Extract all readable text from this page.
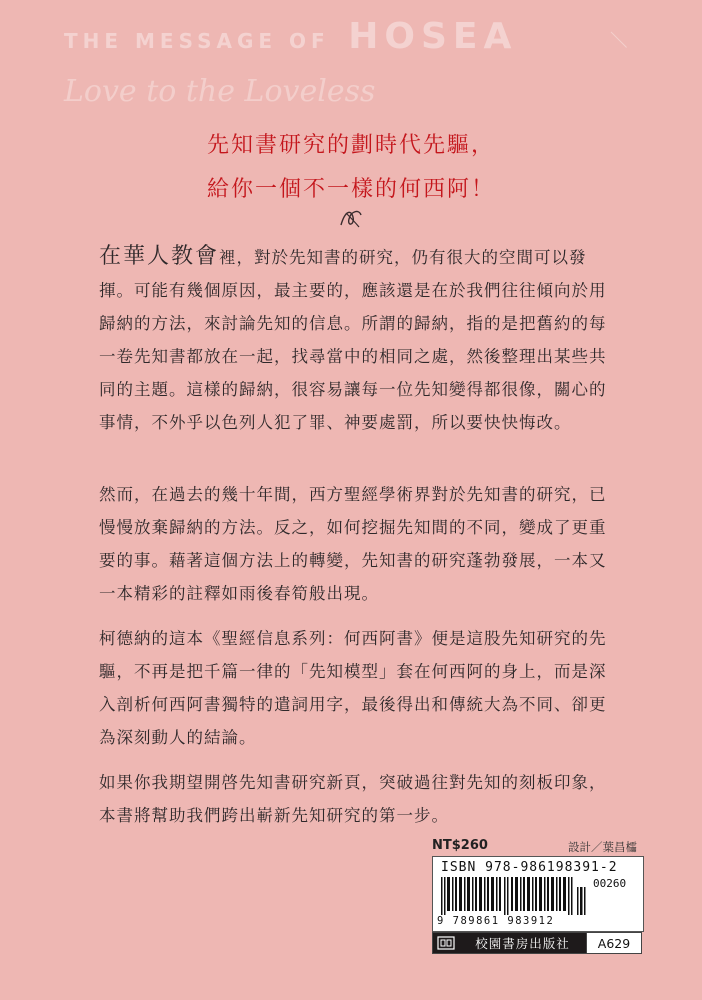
THE MESSAGE OF HOSEA
Love to the Loveless
先知書研究的劃時代先驅，
給你一個不一樣的何西阿！
在華人教會裡，對於先知書的研究，仍有很大的空間可以發揮。可能有幾個原因，最主要的，應該還是在於我們往往傾向於用歸納的方法，來討論先知的信息。所謂的歸納，指的是把舊約的每一卷先知書都放在一起，找尋當中的相同之處，然後整理出某些共同的主題。這樣的歸納，很容易讓每一位先知變得都很像，關心的事情，不外乎以色列人犯了罪、神要處罰，所以要快快悔改。
然而，在過去的幾十年間，西方聖經學術界對於先知書的研究，已慢慢放棄歸納的方法。反之，如何挖掘先知間的不同，變成了更重要的事。藉著這個方法上的轉變，先知書的研究蓬勃發展，一本又一本精彩的註釋如雨後春筍般出現。
柯德納的這本《聖經信息系列：何西阿書》便是這股先知研究的先驅，不再是把千篇一律的「先知模型」套在何西阿的身上，而是深入剖析何西阿書獨特的遣詞用字，最後得出和傳統大為不同、卻更為深刻動人的結論。
如果你我期望開啓先知書研究新頁，突破過往對先知的刻板印象，本書將幫助我們跨出嶄新先知研究的第一步。
NT$260	設計／葉昌櫺
ISBN 978-986198391-2
00260
9 789861 983912
校園書房出版社	A629
